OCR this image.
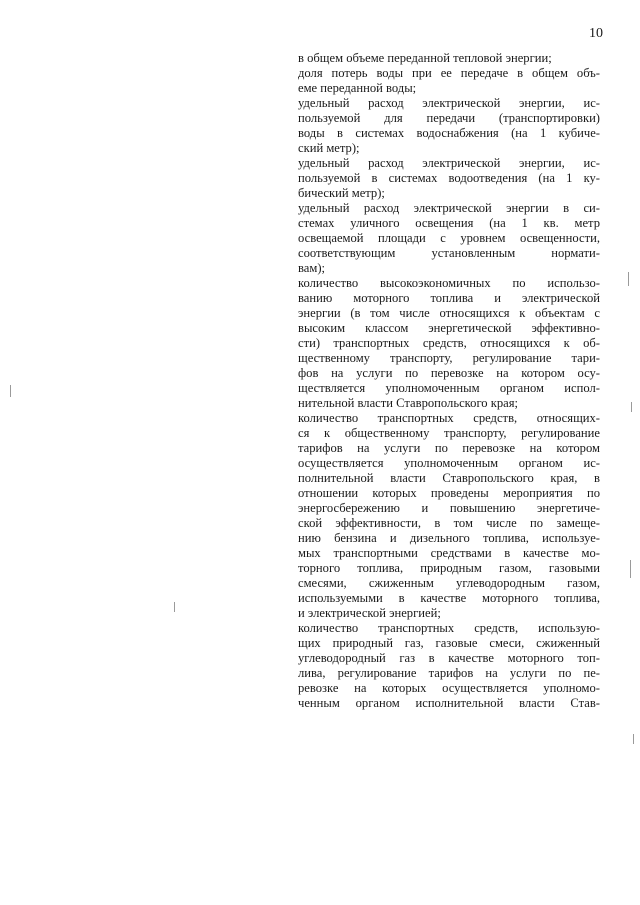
10
в общем объеме переданной тепловой энергии;
доля потерь воды при ее передаче в общем объ-
еме переданной воды;
удельный расход электрической энергии, ис-
пользуемой для передачи (транспортировки)
воды в системах водоснабжения (на 1 кубиче-
ский метр);
удельный расход электрической энергии, ис-
пользуемой в системах водоотведения (на 1 ку-
бический метр);
удельный расход электрической энергии в си-
стемах уличного освещения (на 1 кв. метр
освещаемой площади с уровнем освещенности,
соответствующим установленным нормати-
вам);
количество высокоэкономичных по использо-
ванию моторного топлива и электрической
энергии (в том числе относящихся к объектам с
высоким классом энергетической эффективно-
сти) транспортных средств, относящихся к об-
щественному транспорту, регулирование тари-
фов на услуги по перевозке на котором осу-
ществляется уполномоченным органом испол-
нительной власти Ставропольского края;
количество транспортных средств, относящих-
ся к общественному транспорту, регулирование
тарифов на услуги по перевозке на котором
осуществляется уполномоченным органом ис-
полнительной власти Ставропольского края, в
отношении которых проведены мероприятия по
энергосбережению и повышению энергетиче-
ской эффективности, в том числе по замеще-
нию бензина и дизельного топлива, используе-
мых транспортными средствами в качестве мо-
торного топлива, природным газом, газовыми
смесями, сжиженным углеводородным газом,
используемыми в качестве моторного топлива,
и электрической энергией;
количество транспортных средств, использую-
щих природный газ, газовые смеси, сжиженный
углеводородный газ в качестве моторного топ-
лива, регулирование тарифов на услуги по пе-
ревозке на которых осуществляется уполномо-
ченным органом исполнительной власти Став-
